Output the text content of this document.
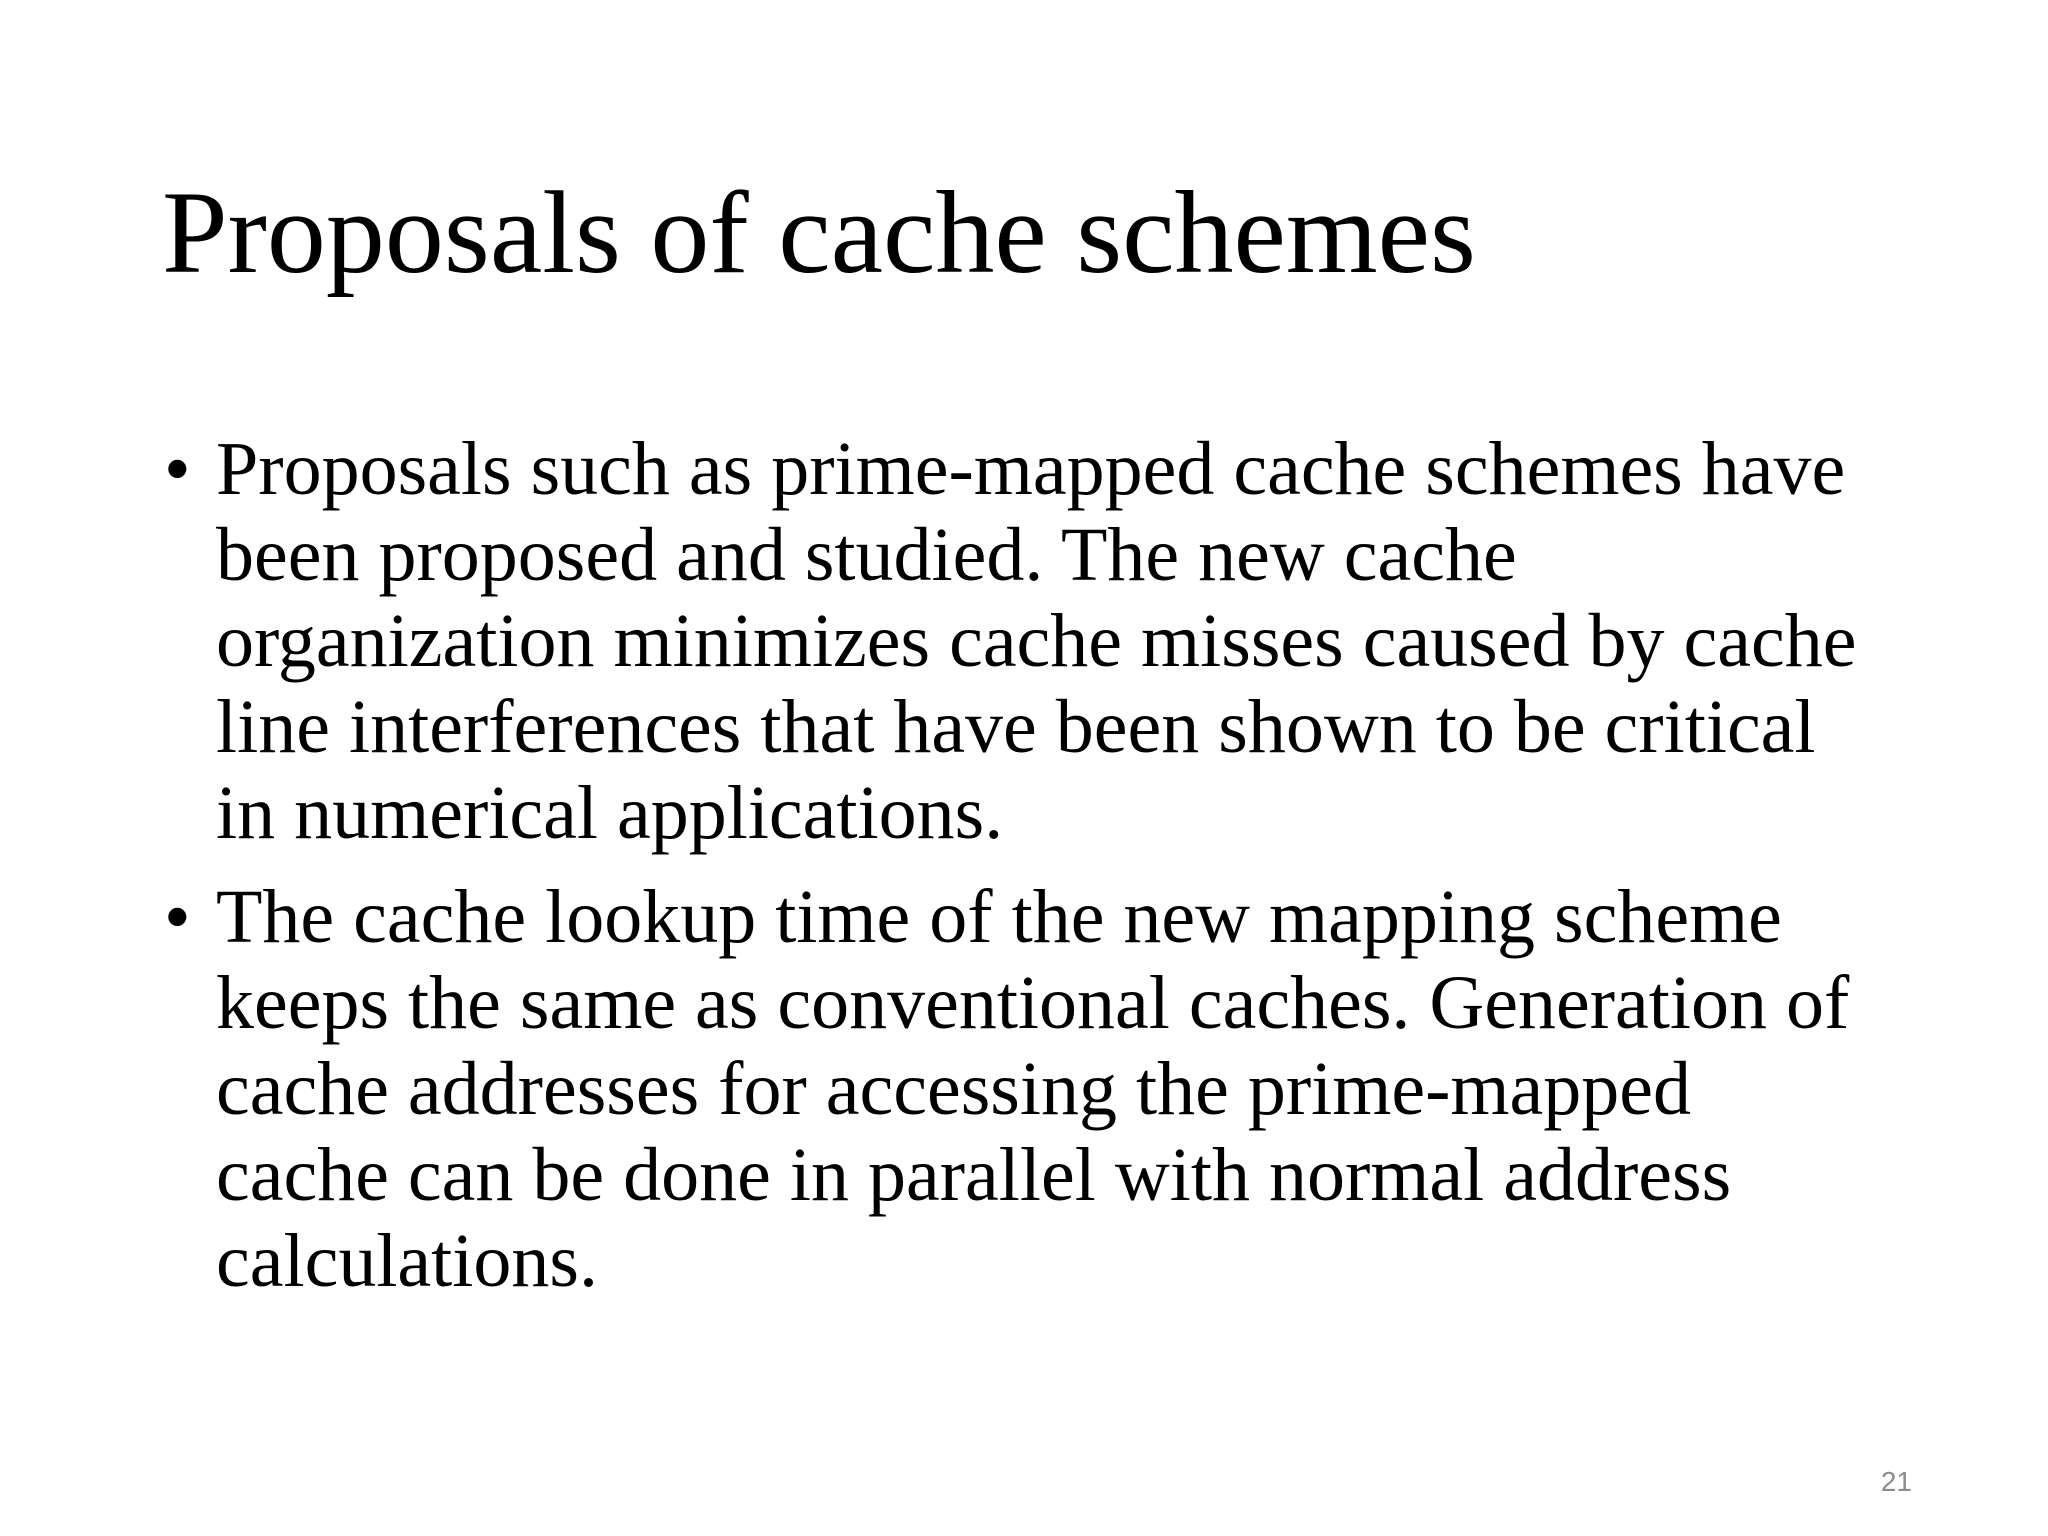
Proposals of cache schemes
• Proposals such as prime-mapped cache schemes have been proposed and studied. The new cache organization minimizes cache misses caused by cache line interferences that have been shown to be critical in numerical applications.
• The cache lookup time of the new mapping scheme keeps the same as conventional caches. Generation of cache addresses for accessing the prime-mapped cache can be done in parallel with normal address calculations.
21
